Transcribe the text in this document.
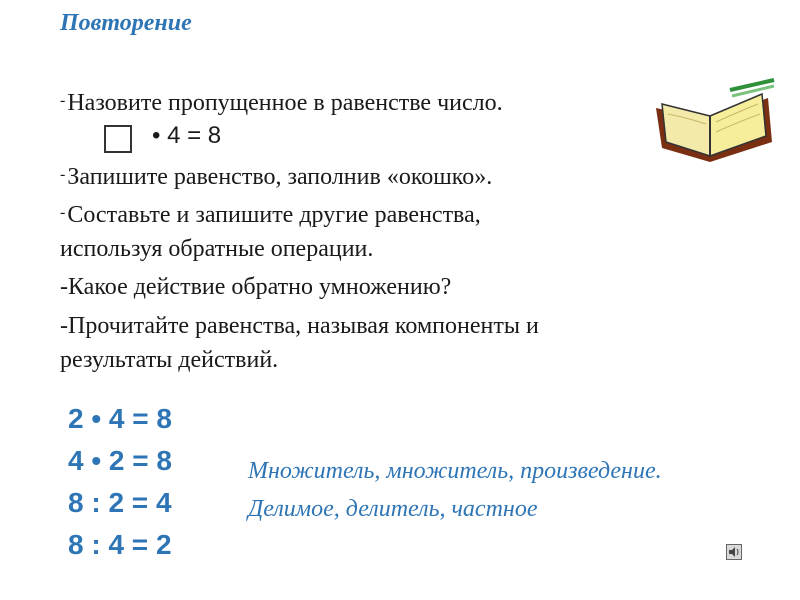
Повторение
-Назовите пропущенное в равенстве число.
• 4 = 8
-Запишите равенство, заполнив «окошко».
-Составьте и запишите другие равенства,
используя обратные операции.
-Какое действие обратно умножению?
-Прочитайте равенства, называя компоненты и
результаты действий.
2 • 4 = 8
4 • 2 = 8
8 : 2 = 4
8 : 4 = 2
Множитель, множитель, произведение.
Делимое, делитель, частное
